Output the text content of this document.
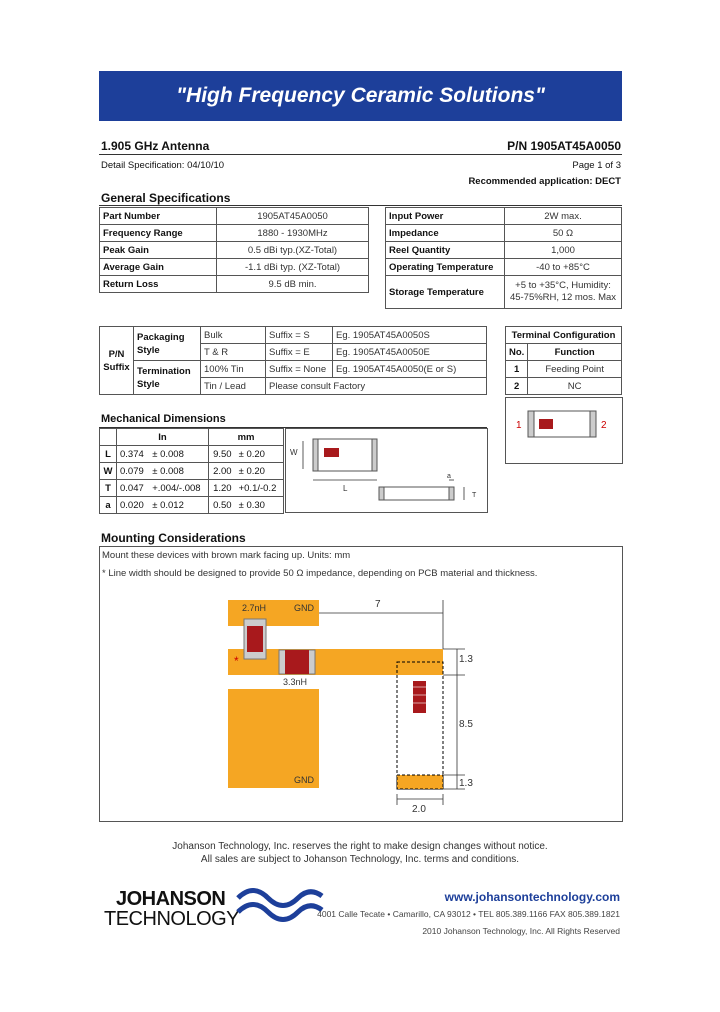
"High Frequency Ceramic Solutions"
1.905 GHz Antenna	P/N 1905AT45A0050
Detail Specification: 04/10/10	Page 1 of 3
Recommended application: DECT
General Specifications
Part Number	1905AT45A0050
Frequency Range	1880 - 1930MHz
Peak Gain	0.5 dBi typ.(XZ-Total)
Average Gain	-1.1 dBi typ. (XZ-Total)
Return Loss	9.5 dB min.
Input Power	2W max.
Impedance	50 Ω
Reel Quantity	1,000
Operating Temperature	-40 to +85°C
Storage Temperature	+5 to +35°C, Humidity: 45-75%RH, 12 mos. Max
P/N Suffix	Packaging Style	Bulk	Suffix = S	Eg. 1905AT45A0050S
		T & R	Suffix = E	Eg. 1905AT45A0050E
	Termination Style	100% Tin	Suffix = None	Eg. 1905AT45A0050(E or S)
		Tin / Lead	Please consult Factory	
Terminal Configuration	
No.	Function
1	Feeding Point
2	NC
1	2
Mechanical Dimensions
	In		mm	
L	0.374	± 0.008	9.50	± 0.20
W	0.079	± 0.008	2.00	± 0.20
T	0.047	+.004/-.008	1.20	+0.1/-0.2
a	0.020	± 0.012	0.50	± 0.30
W
L
a
T
Mounting Considerations
Mount these devices with brown mark facing up. Units: mm
* Line width should be designed to provide 50 Ω impedance, depending on PCB material and thickness.
2.7nH	GND
3.3nH
*
GND
7
1.3
8.5
1.3
2.0
Johanson Technology, Inc. reserves the right to make design changes without notice.
All sales are subject to Johanson Technology, Inc. terms and conditions.
JOHANSON
TECHNOLOGY
www.johansontechnology.com
4001 Calle Tecate • Camarillo, CA 93012 • TEL 805.389.1166 FAX 805.389.1821
2010 Johanson Technology, Inc. All Rights Reserved
